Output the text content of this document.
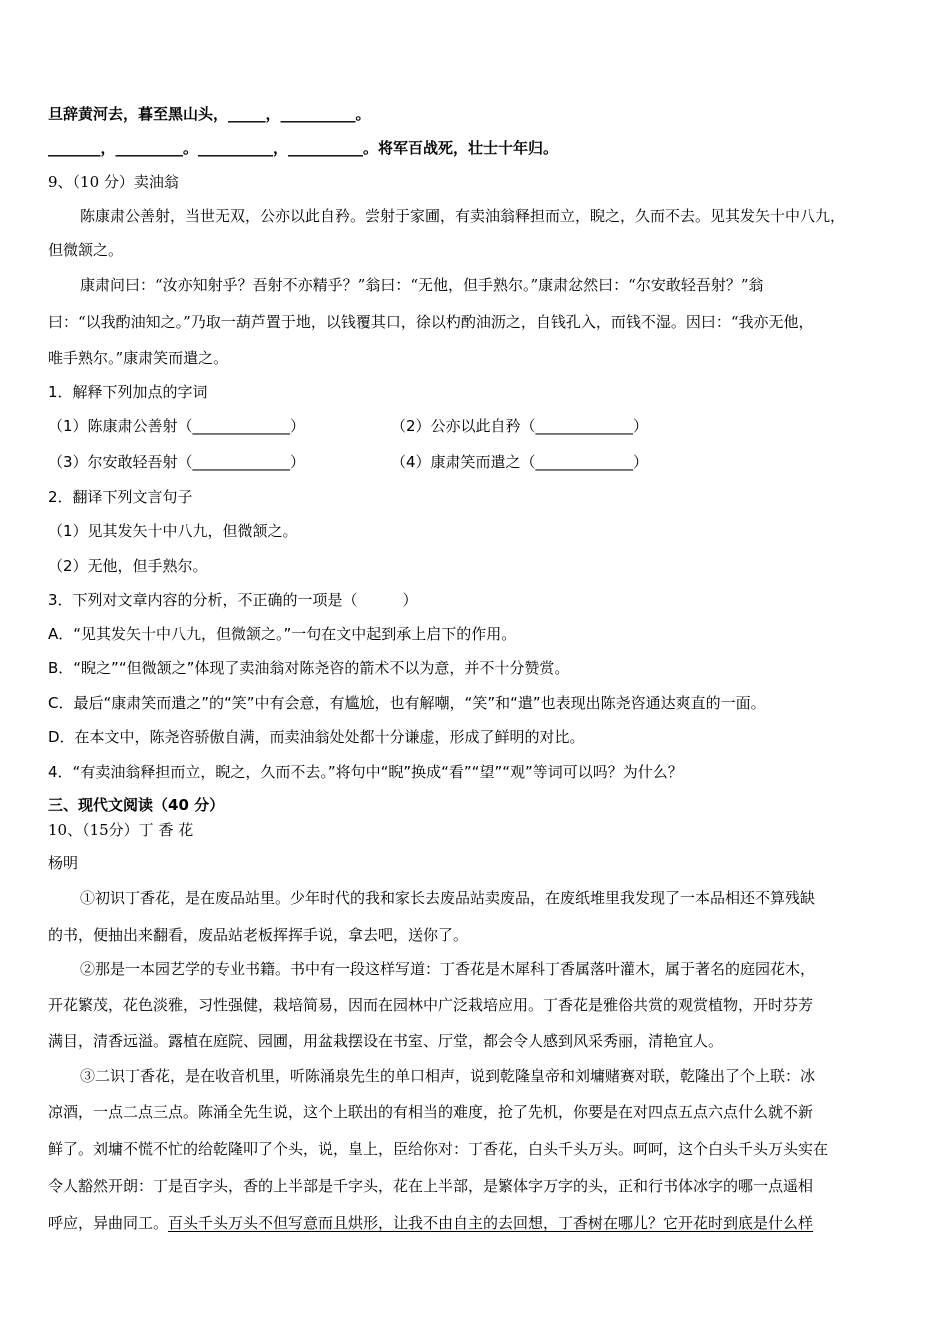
旦辞黄河去，暮至黑山头，_____，__________。
_______，_________。__________，__________。将军百战死，壮士十年归。
9、（10 分）卖油翁
陈康肃公善射，当世无双，公亦以此自矜。尝射于家圃，有卖油翁释担而立，睨之，久而不去。见其发矢十中八九，
但微颔之。
康肃问曰：“汝亦知射乎？吾射不亦精乎？”翁曰：“无他，但手熟尔。”康肃忿然曰：“尔安敢轻吾射？”翁
曰：“以我酌油知之。”乃取一葫芦置于地，以钱覆其口，徐以杓酌油沥之，自钱孔入，而钱不湿。因曰：“我亦无他，
唯手熟尔。”康肃笑而遣之。
1．解释下列加点的字词
（1）陈康肃公善射（_____________）	（2）公亦以此自矜（_____________）
（3）尔安敢轻吾射（_____________）	（4）康肃笑而遣之（_____________）
2．翻译下列文言句子
（1）见其发矢十中八九，但微颔之。
（2）无他，但手熟尔。
3．下列对文章内容的分析，不正确的一项是（　　　）
A．“见其发矢十中八九，但微颔之。”一句在文中起到承上启下的作用。
B．“睨之”“但微颔之”体现了卖油翁对陈尧咨的箭术不以为意，并不十分赞赏。
C．最后“康肃笑而遣之”的“笑”中有会意，有尴尬，也有解嘲，“笑”和“遣”也表现出陈尧咨通达爽直的一面。
D．在本文中，陈尧咨骄傲自满，而卖油翁处处都十分谦虚，形成了鲜明的对比。
4．“有卖油翁释担而立，睨之，久而不去。”将句中“睨”换成“看”“望”“观”等词可以吗？为什么？
三、现代文阅读（40 分）
10、（15分）丁 香 花
杨明
①初识丁香花，是在废品站里。少年时代的我和家长去废品站卖废品，在废纸堆里我发现了一本品相还不算残缺
的书，便抽出来翻看，废品站老板挥挥手说，拿去吧，送你了。
②那是一本园艺学的专业书籍。书中有一段这样写道：丁香花是木犀科丁香属落叶灌木，属于著名的庭园花木，
开花繁茂，花色淡雅，习性强健，栽培简易，因而在园林中广泛栽培应用。丁香花是雅俗共赏的观赏植物，开时芬芳
满目，清香远溢。露植在庭院、园圃，用盆栽摆设在书室、厅堂，都会令人感到风采秀丽，清艳宜人。
③二识丁香花，是在收音机里，听陈涌泉先生的单口相声，说到乾隆皇帝和刘墉赌赛对联，乾隆出了个上联：冰
凉酒，一点二点三点。陈涌全先生说，这个上联出的有相当的难度，抢了先机，你要是在对四点五点六点什么就不新
鲜了。刘墉不慌不忙的给乾隆叩了个头，说，皇上，臣给你对：丁香花，白头千头万头。呵呵，这个白头千头万头实在
令人豁然开朗：丁是百字头，香的上半部是千字头，花在上半部，是繁体字万字的头，正和行书体冰字的哪一点遥相
呼应，异曲同工。百头千头万头不但写意而且烘形，让我不由自主的去回想，丁香树在哪儿？它开花时到底是什么样
